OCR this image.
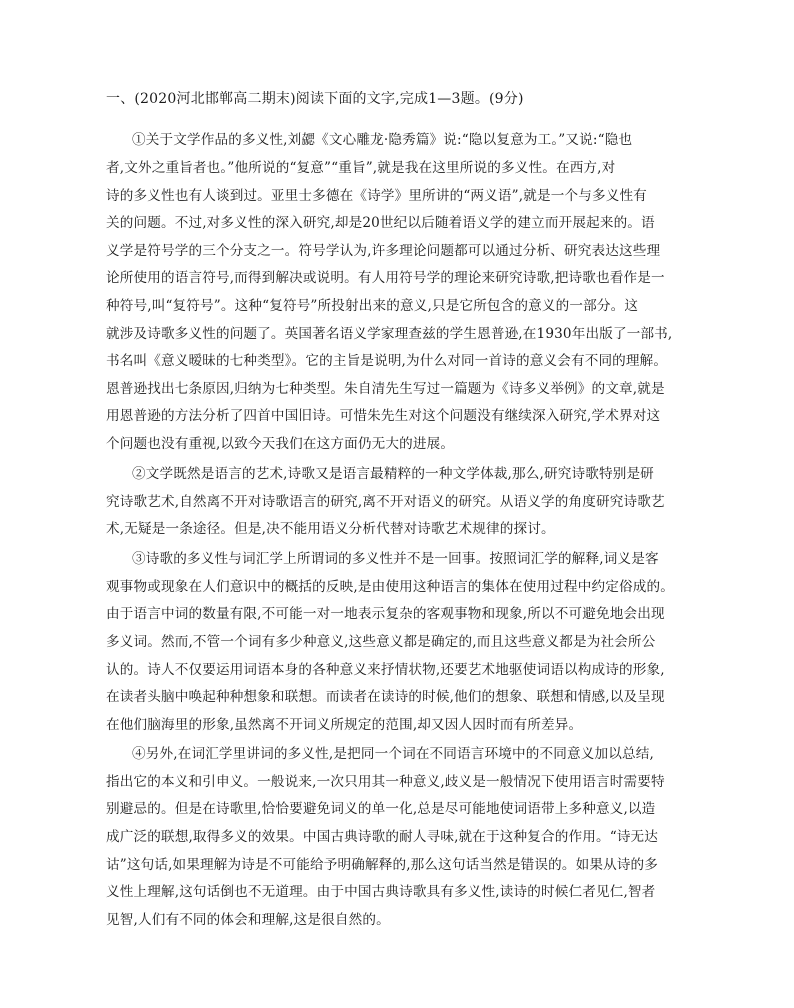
一、(2020河北邯郸高二期末)阅读下面的文字,完成1—3题。(9分)
①关于文学作品的多义性,刘勰《文心雕龙·隐秀篇》说:“隐以复意为工。”又说:“隐也
者,文外之重旨者也。”他所说的“复意”“重旨”,就是我在这里所说的多义性。在西方,对
诗的多义性也有人谈到过。亚里士多德在《诗学》里所讲的“两义语”,就是一个与多义性有
关的问题。不过,对多义性的深入研究,却是20世纪以后随着语义学的建立而开展起来的。语
义学是符号学的三个分支之一。符号学认为,许多理论问题都可以通过分析、研究表达这些理
论所使用的语言符号,而得到解决或说明。有人用符号学的理论来研究诗歌,把诗歌也看作是一
种符号,叫“复符号”。这种“复符号”所投射出来的意义,只是它所包含的意义的一部分。这
就涉及诗歌多义性的问题了。英国著名语义学家理查兹的学生恩普逊,在1930年出版了一部书,
书名叫《意义暧昧的七种类型》。它的主旨是说明,为什么对同一首诗的意义会有不同的理解。
恩普逊找出七条原因,归纳为七种类型。朱自清先生写过一篇题为《诗多义举例》的文章,就是
用恩普逊的方法分析了四首中国旧诗。可惜朱先生对这个问题没有继续深入研究,学术界对这
个问题也没有重视,以致今天我们在这方面仍无大的进展。
②文学既然是语言的艺术,诗歌又是语言最精粹的一种文学体裁,那么,研究诗歌特别是研
究诗歌艺术,自然离不开对诗歌语言的研究,离不开对语义的研究。从语义学的角度研究诗歌艺
术,无疑是一条途径。但是,决不能用语义分析代替对诗歌艺术规律的探讨。
③诗歌的多义性与词汇学上所谓词的多义性并不是一回事。按照词汇学的解释,词义是客
观事物或现象在人们意识中的概括的反映,是由使用这种语言的集体在使用过程中约定俗成的。
由于语言中词的数量有限,不可能一对一地表示复杂的客观事物和现象,所以不可避免地会出现
多义词。然而,不管一个词有多少种意义,这些意义都是确定的,而且这些意义都是为社会所公
认的。诗人不仅要运用词语本身的各种意义来抒情状物,还要艺术地驱使词语以构成诗的形象,
在读者头脑中唤起种种想象和联想。而读者在读诗的时候,他们的想象、联想和情感,以及呈现
在他们脑海里的形象,虽然离不开词义所规定的范围,却又因人因时而有所差异。
④另外,在词汇学里讲词的多义性,是把同一个词在不同语言环境中的不同意义加以总结,
指出它的本义和引申义。一般说来,一次只用其一种意义,歧义是一般情况下使用语言时需要特
别避忌的。但是在诗歌里,恰恰要避免词义的单一化,总是尽可能地使词语带上多种意义,以造
成广泛的联想,取得多义的效果。中国古典诗歌的耐人寻味,就在于这种复合的作用。“诗无达
诂”这句话,如果理解为诗是不可能给予明确解释的,那么这句话当然是错误的。如果从诗的多
义性上理解,这句话倒也不无道理。由于中国古典诗歌具有多义性,读诗的时候仁者见仁,智者
见智,人们有不同的体会和理解,这是很自然的。
